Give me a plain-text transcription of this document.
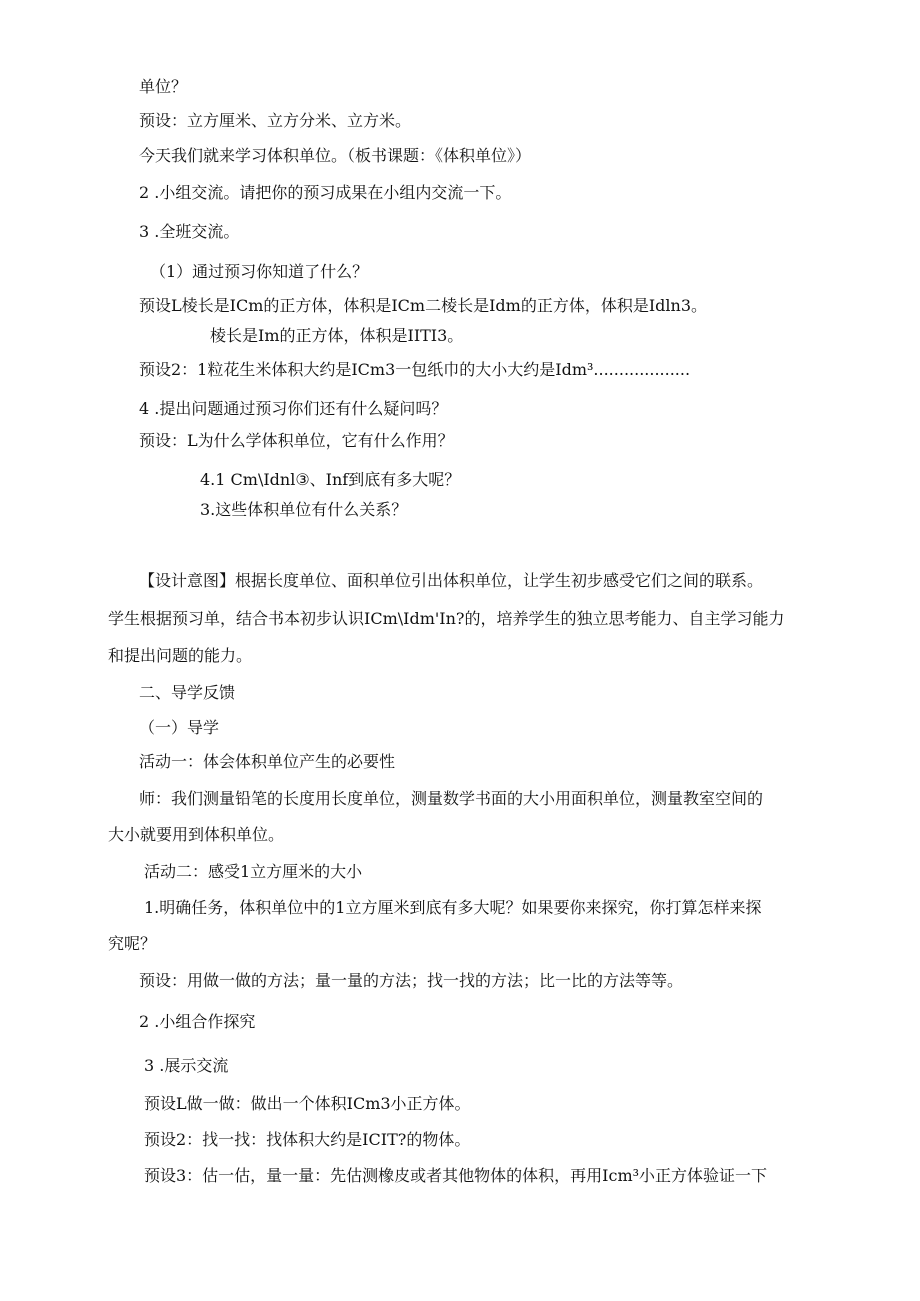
单位？
预设：立方厘米、立方分米、立方米。
今天我们就来学习体积单位。（板书课题：《体积单位》）
2 .小组交流。请把你的预习成果在小组内交流一下。
3 .全班交流。
（1）通过预习你知道了什么？
预设L棱长是ICm的正方体，体积是ICm二棱长是Idm的正方体，体积是Idln3。
棱长是Im的正方体，体积是IITI3。
预设2：1粒花生米体积大约是ICm3一包纸巾的大小大约是Idm³...................
4 .提出问题通过预习你们还有什么疑问吗？
预设：L为什么学体积单位，它有什么作用？
4.1 Cm\Idnl③、Inf到底有多大呢？
3.这些体积单位有什么关系？
【设计意图】根据长度单位、面积单位引出体积单位，让学生初步感受它们之间的联系。
学生根据预习单，结合书本初步认识ICm\Idm'In?的，培养学生的独立思考能力、自主学习能力
和提出问题的能力。
二、导学反馈
（一）导学
活动一：体会体积单位产生的必要性
师：我们测量铅笔的长度用长度单位，测量数学书面的大小用面积单位，测量教室空间的
大小就要用到体积单位。
活动二：感受1立方厘米的大小
1.明确任务，体积单位中的1立方厘米到底有多大呢？如果要你来探究，你打算怎样来探
究呢？
预设：用做一做的方法；量一量的方法；找一找的方法；比一比的方法等等。
2 .小组合作探究
3 .展示交流
预设L做一做：做出一个体积ICm3小正方体。
预设2：找一找：找体积大约是ICIT?的物体。
预设3：估一估，量一量：先估测橡皮或者其他物体的体积，再用Icm³小正方体验证一下
